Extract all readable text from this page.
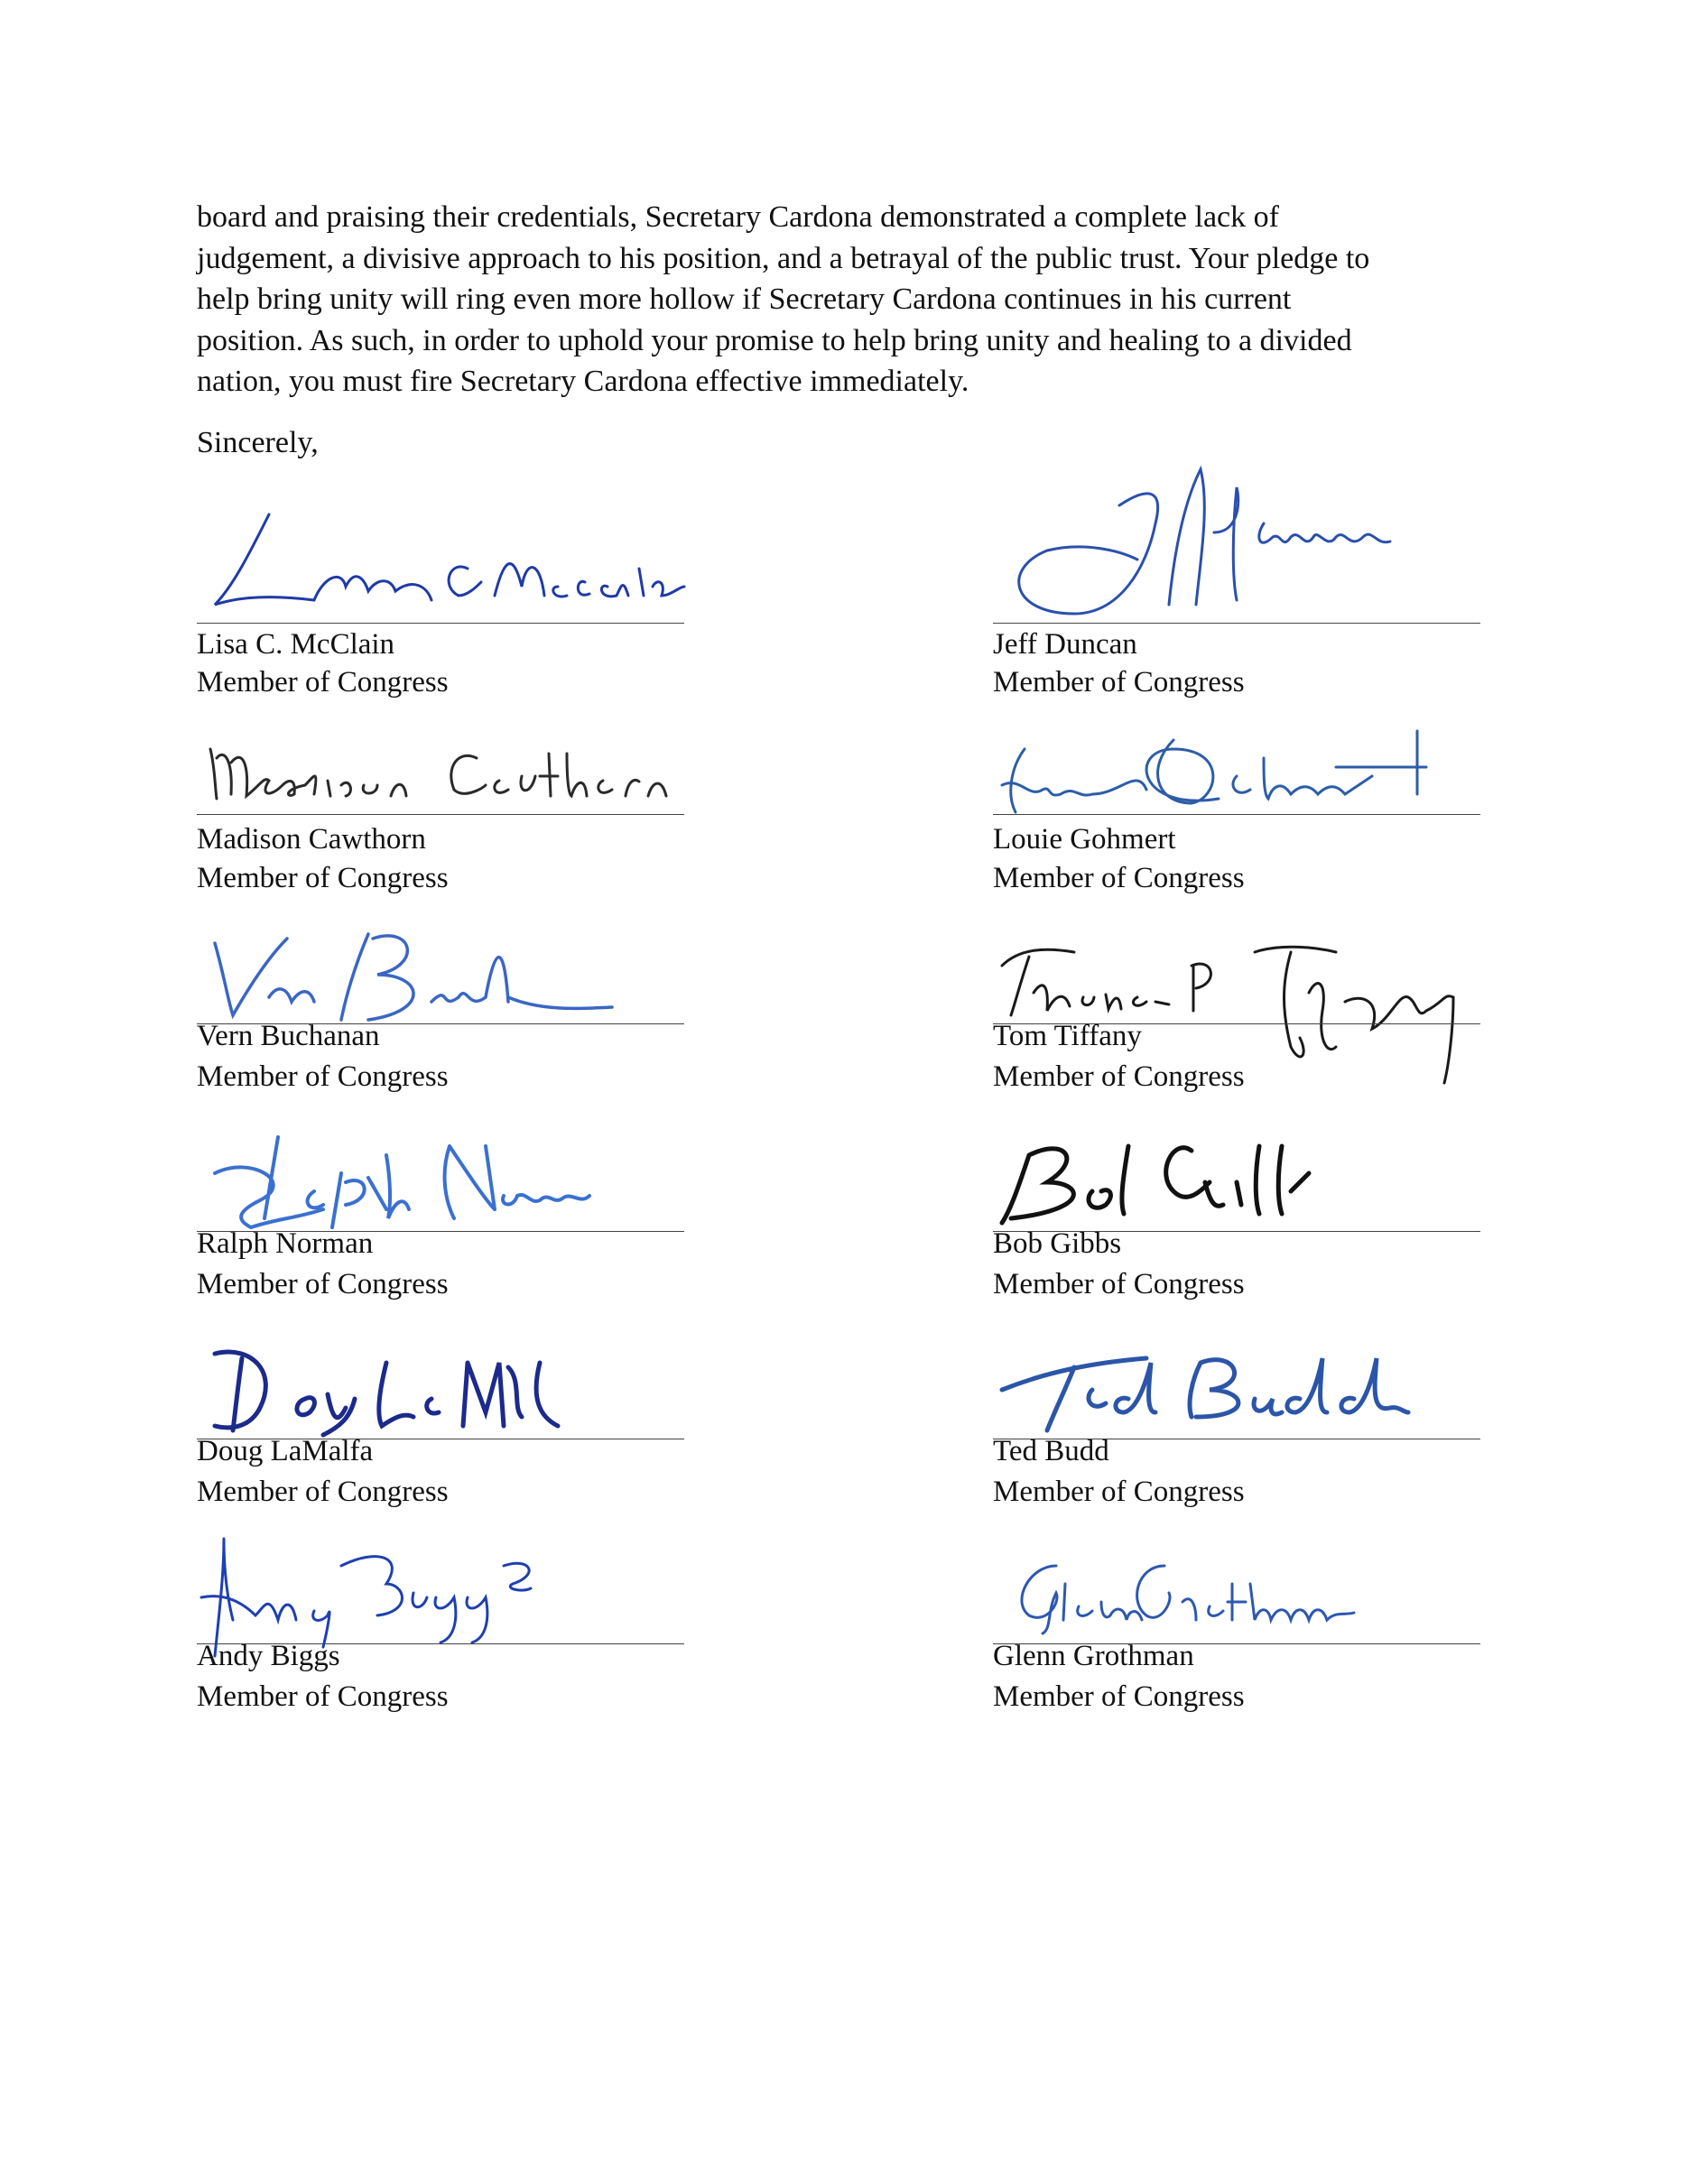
board and praising their credentials, Secretary Cardona demonstrated a complete lack of
judgement, a divisive approach to his position, and a betrayal of the public trust. Your pledge to
help bring unity will ring even more hollow if Secretary Cardona continues in his current
position. As such, in order to uphold your promise to help bring unity and healing to a divided
nation, you must fire Secretary Cardona effective immediately.

Sincerely,

Lisa C. McClain
Member of Congress
Jeff Duncan
Member of Congress
Madison Cawthorn
Member of Congress
Louie Gohmert
Member of Congress
Vern Buchanan
Member of Congress
Tom Tiffany
Member of Congress
Ralph Norman
Member of Congress
Bob Gibbs
Member of Congress
Doug LaMalfa
Member of Congress
Ted Budd
Member of Congress
Andy Biggs
Member of Congress
Glenn Grothman
Member of Congress
